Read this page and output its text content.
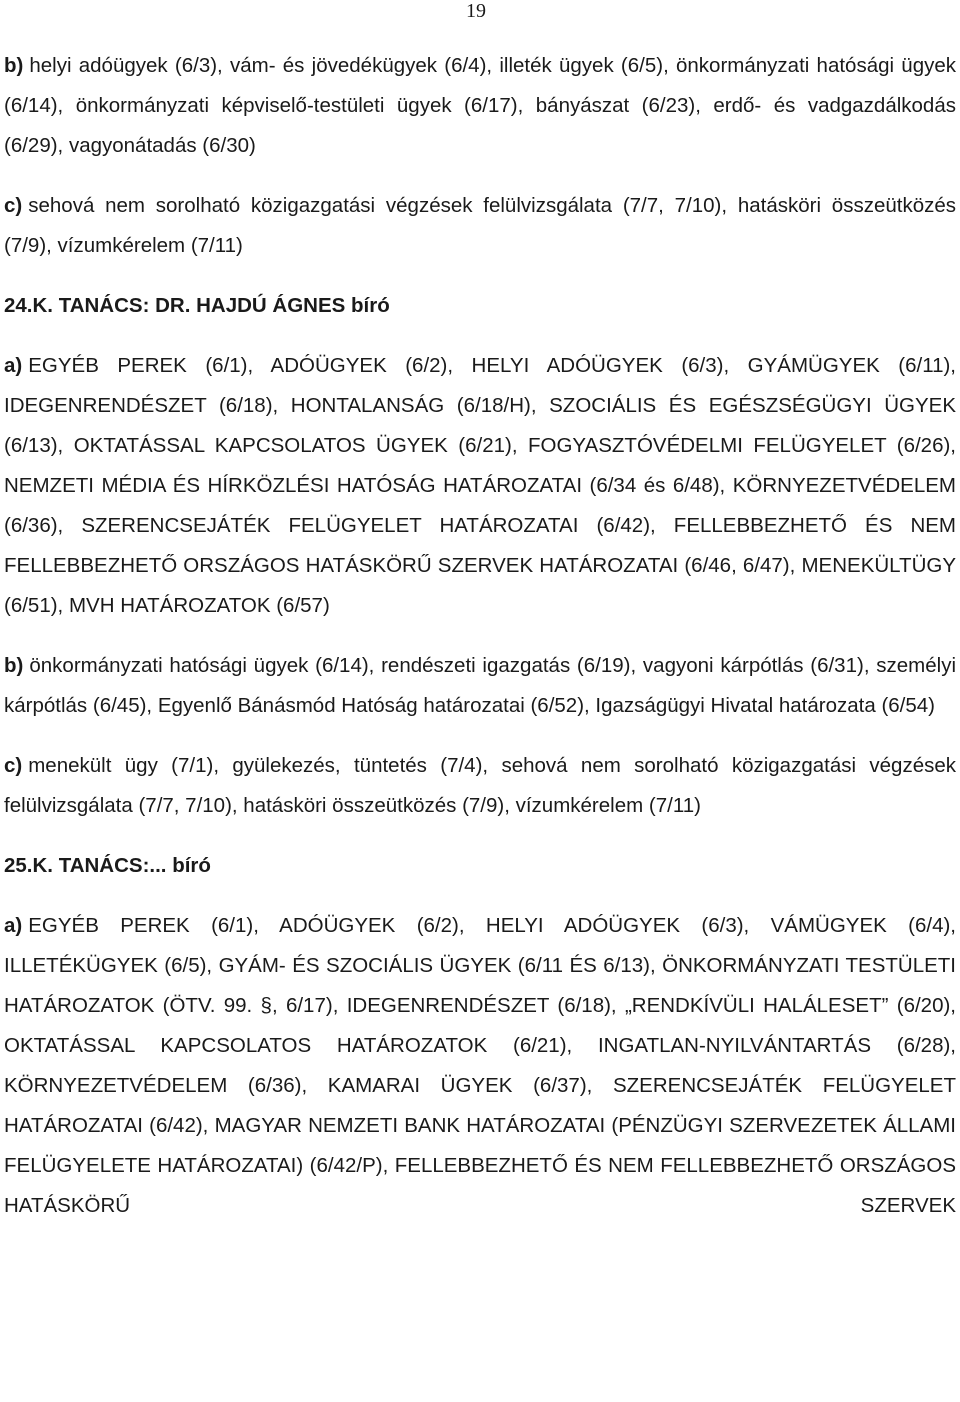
19

b) helyi adóügyek (6/3), vám- és jövedékügyek (6/4), illeték ügyek (6/5), önkormányzati hatósági ügyek (6/14), önkormányzati képviselő-testületi ügyek (6/17), bányászat (6/23), erdő- és vadgazdálkodás (6/29), vagyonátadás (6/30)

c) sehová nem sorolható közigazgatási végzések felülvizsgálata (7/7, 7/10), hatásköri összeütközés (7/9), vízumkérelem (7/11)

24.K. TANÁCS: DR. HAJDÚ ÁGNES bíró

a) EGYÉB PEREK (6/1), ADÓÜGYEK (6/2), HELYI ADÓÜGYEK (6/3), GYÁMÜGYEK (6/11), IDEGENRENDÉSZET (6/18), HONTALANSÁG (6/18/H), SZOCIÁLIS ÉS EGÉSZSÉGÜGYI ÜGYEK (6/13), OKTATÁSSAL KAPCSOLATOS ÜGYEK (6/21), FOGYASZTÓVÉDELMI FELÜGYELET (6/26), NEMZETI MÉDIA ÉS HÍRKÖZLÉSI HATÓSÁG HATÁROZATAI (6/34 és 6/48), KÖRNYEZETVÉDELEM (6/36), SZERENCSEJÁTÉK FELÜGYELET HATÁROZATAI (6/42), FELLEBBEZHETŐ ÉS NEM FELLEBBEZHETŐ ORSZÁGOS HATÁSKÖRŰ SZERVEK HATÁROZATAI (6/46, 6/47), MENEKÜLTÜGY (6/51), MVH HATÁROZATOK (6/57)

b) önkormányzati hatósági ügyek (6/14), rendészeti igazgatás (6/19), vagyoni kárpótlás (6/31), személyi kárpótlás (6/45), Egyenlő Bánásmód Hatóság határozatai (6/52), Igazságügyi Hivatal határozata (6/54)

c) menekült ügy (7/1), gyülekezés, tüntetés (7/4), sehová nem sorolható közigazgatási végzések felülvizsgálata (7/7, 7/10), hatásköri összeütközés (7/9), vízumkérelem (7/11)

25.K. TANÁCS:... bíró

a) EGYÉB PEREK (6/1), ADÓÜGYEK (6/2), HELYI ADÓÜGYEK (6/3), VÁMÜGYEK (6/4), ILLETÉKÜGYEK (6/5), GYÁM- ÉS SZOCIÁLIS ÜGYEK (6/11 ÉS 6/13), ÖNKORMÁNYZATI TESTÜLETI HATÁROZATOK (ÖTV. 99. §, 6/17), IDEGENRENDÉSZET (6/18), „RENDKÍVÜLI HALÁLESET” (6/20), OKTATÁSSAL KAPCSOLATOS HATÁROZATOK (6/21), INGATLAN-NYILVÁNTARTÁS (6/28), KÖRNYEZETVÉDELEM (6/36), KAMARAI ÜGYEK (6/37), SZERENCSEJÁTÉK FELÜGYELET HATÁROZATAI (6/42), MAGYAR NEMZETI BANK HATÁROZATAI (PÉNZÜGYI SZERVEZETEK ÁLLAMI FELÜGYELETE HATÁROZATAI) (6/42/P), FELLEBBEZHETŐ ÉS NEM FELLEBBEZHETŐ ORSZÁGOS HATÁSKÖRŰ SZERVEK
